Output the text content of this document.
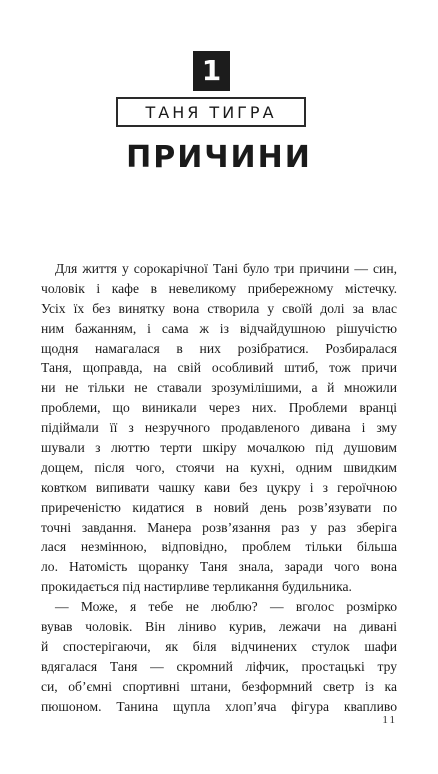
1
ТАНЯ ТИГРА
ПРИЧИНИ
Для життя у сорокарічної Тані було три причини — син,
чоловік і кафе в невеликому прибережному містечку.
Усіх їх без винятку вона створила у своїй долі за влас
ним бажанням, і сама ж із відчайдушною рішучістю
щодня намагалася в них розібратися. Розбиралася
Таня, щоправда, на свій особливий штиб, тож причи
ни не тільки не ставали зрозумілішими, а й множили
проблеми, що виникали через них. Проблеми вранці
підіймали її з незручного продавленого дивана і зму
шували з люттю терти шкіру мочалкою під душовим
дощем, після чого, стоячи на кухні, одним швидким
ковтком випивати чашку кави без цукру і з героїчною
приреченістю кидатися в новий день розв’язувати по
точні завдання. Манера розв’язання раз у раз зберіга
лася незмінною, відповідно, проблем тільки більша
ло. Натомість щоранку Таня знала, заради чого вона
прокидається під настирливе терликання будильника.
— Може, я тебе не люблю? — вголос розмірко
вував чоловік. Він ліниво курив, лежачи на дивані
й спостерігаючи, як біля відчинених стулок шафи
вдягалася Таня — скромний ліфчик, простацькі тру
си, об’ємні спортивні штани, безформний светр із ка
пюшоном. Танина щупла хлоп’яча фігура квапливо
11
